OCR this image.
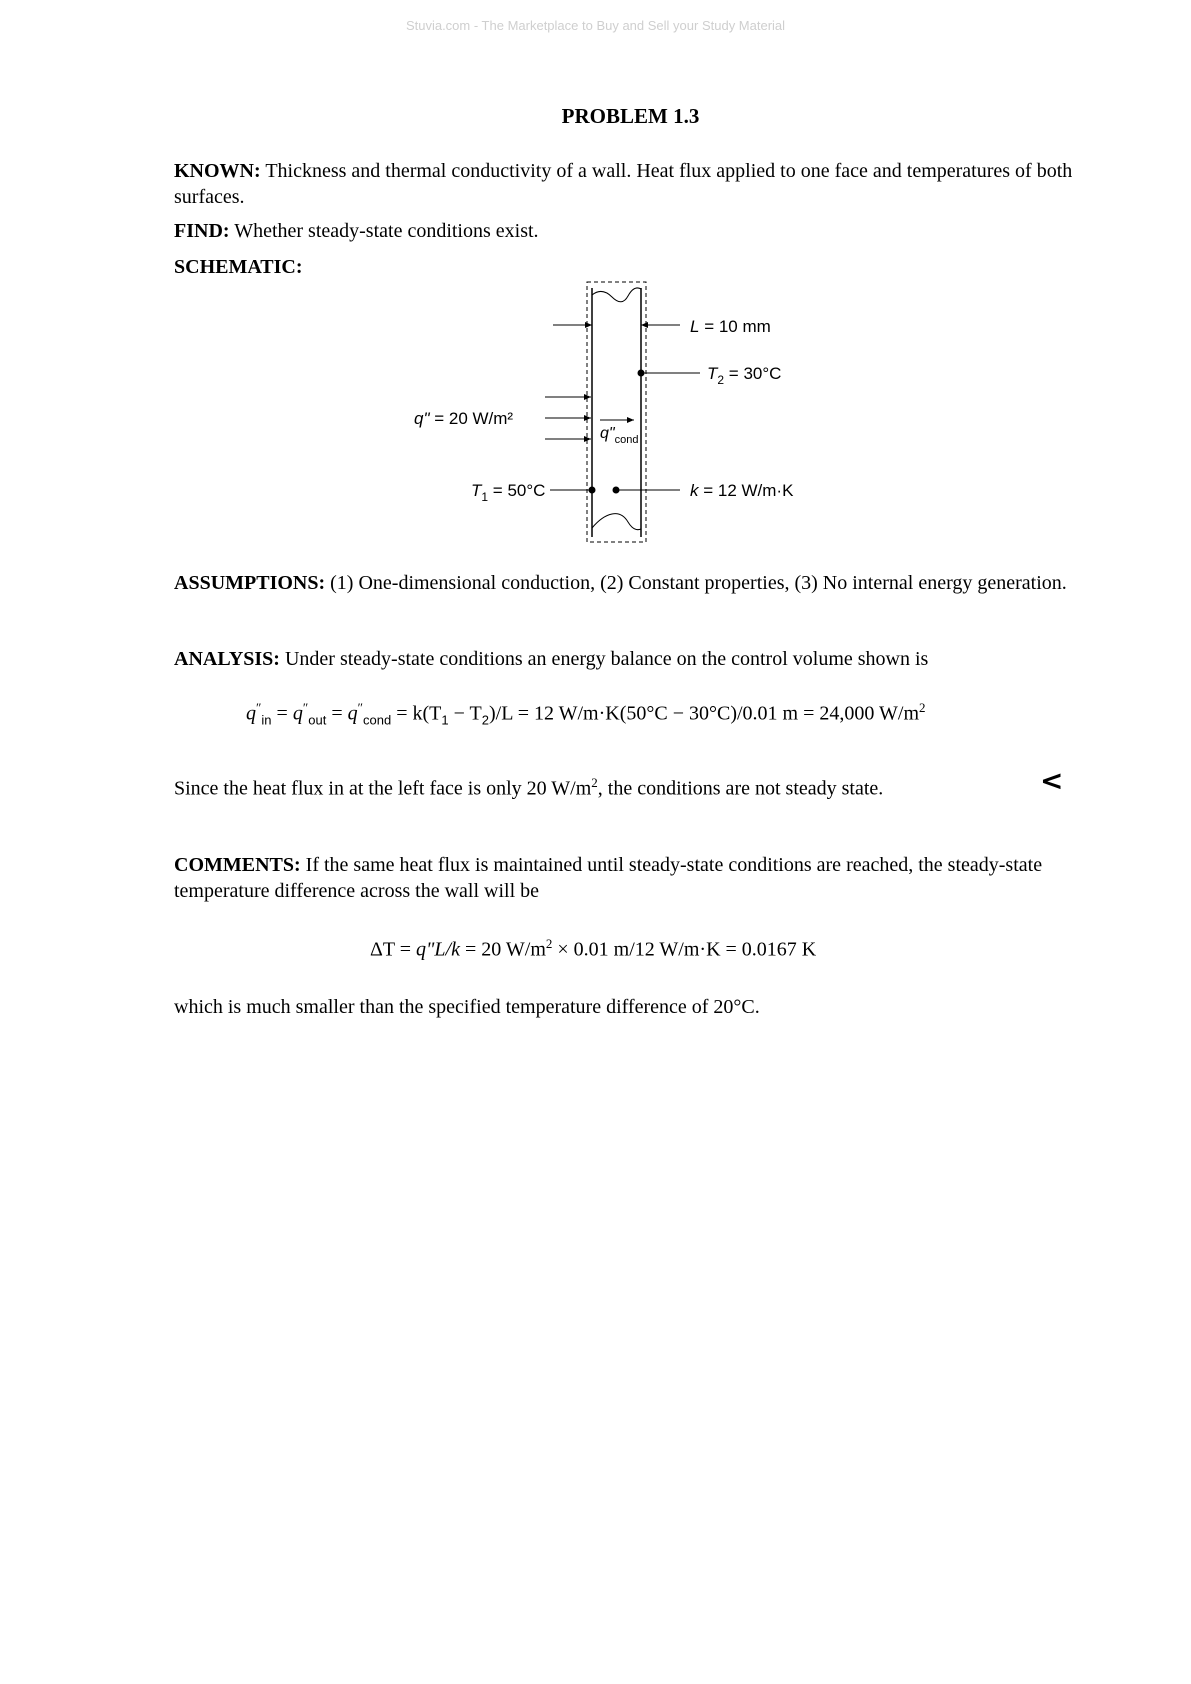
Stuvia.com - The Marketplace to Buy and Sell your Study Material
PROBLEM 1.3
KNOWN: Thickness and thermal conductivity of a wall. Heat flux applied to one face and temperatures of both surfaces.
FIND: Whether steady-state conditions exist.
SCHEMATIC:
L = 10 mm
$T_2 = 30^\circ C$
q" = 20 W/m²
$q"_{cond}$
$T_1 = 50^\circ C$	k = 12 W/m·K
ASSUMPTIONS: (1) One-dimensional conduction, (2) Constant properties, (3) No internal energy generation.
ANALYSIS: Under steady-state conditions an energy balance on the control volume shown is
$q''_{in} = q''_{out} = q''_{cond} = k(T_1 - T_2)/L = 12$ W/m·K(50°C − 30°C)/0.01 m = 24,000 $W/m^2$
Since the heat flux in at the left face is only 20 $W/m^2$, the conditions are not steady state.	<
COMMENTS: If the same heat flux is maintained until steady-state conditions are reached, the steady-state temperature difference across the wall will be
ΔT = q"L/k = 20 $W/m^2 \times 0.01$ m/12 W/m·K = 0.0167 K
which is much smaller than the specified temperature difference of 20°C.
